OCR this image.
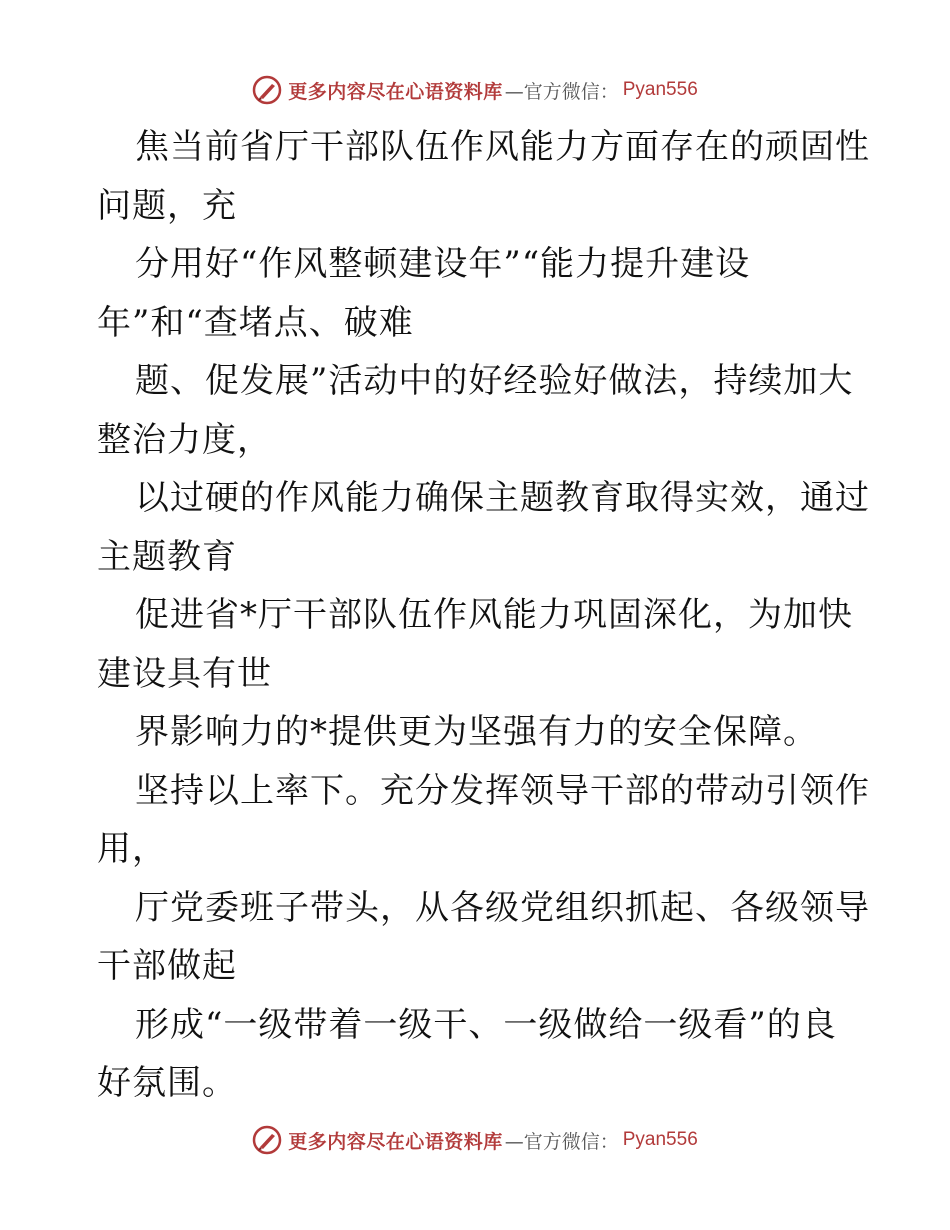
更多内容尽在心语资料库 —官方微信： Pyan556
焦当前省厅干部队伍作风能力方面存在的顽固性
问题，充
分用好“作风整顿建设年”“能力提升建设
年”和“查堵点、破难
题、促发展”活动中的好经验好做法，持续加大
整治力度，
以过硬的作风能力确保主题教育取得实效，通过
主题教育
促进省*厅干部队伍作风能力巩固深化，为加快
建设具有世
界影响力的*提供更为坚强有力的安全保障。
坚持以上率下。充分发挥领导干部的带动引领作
用，
厅党委班子带头，从各级党组织抓起、各级领导
干部做起
形成“一级带着一级干、一级做给一级看”的良
好氛围。
更多内容尽在心语资料库 —官方微信： Pyan556
